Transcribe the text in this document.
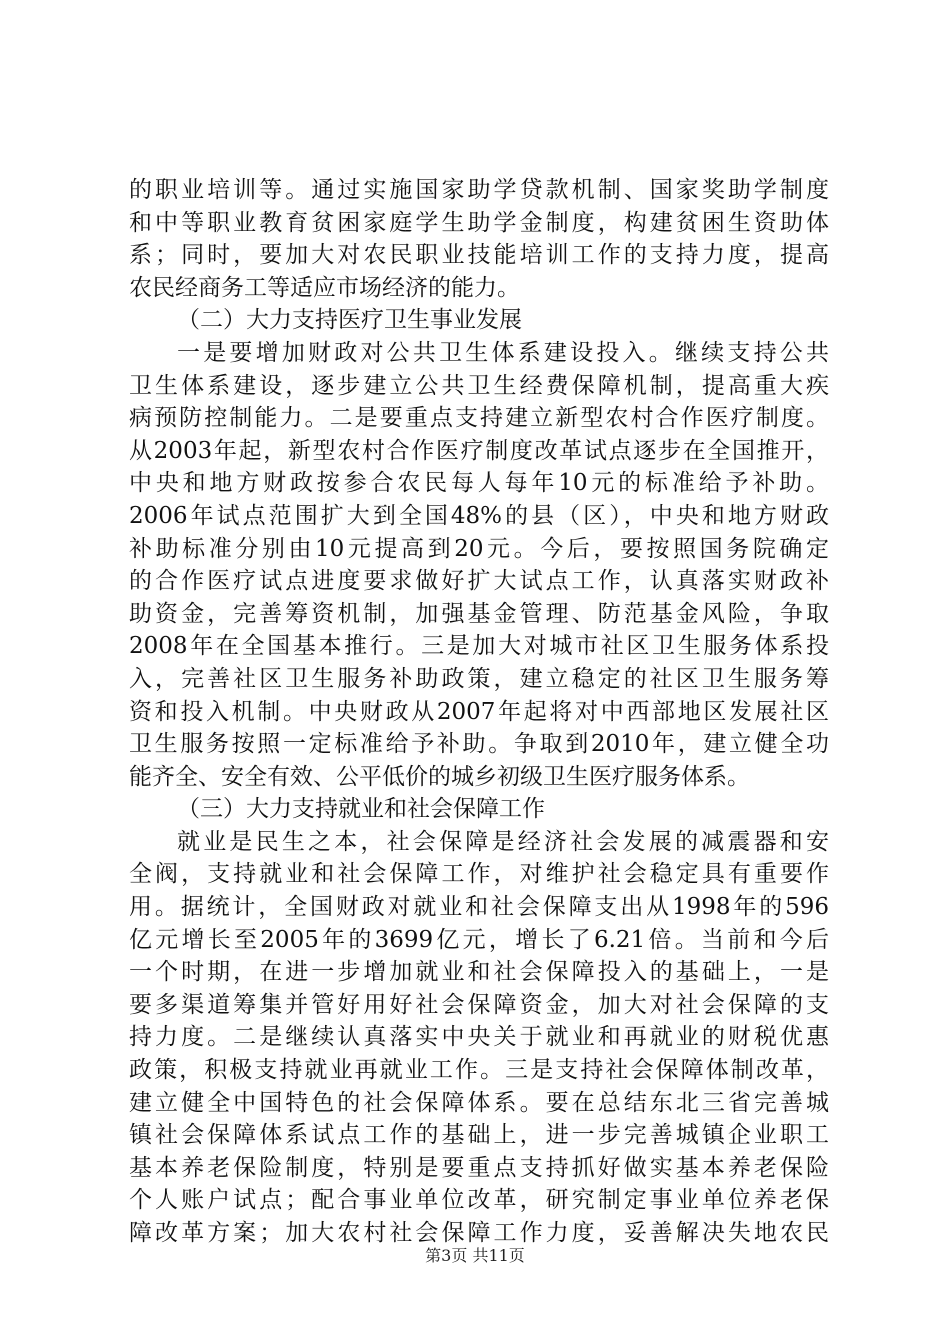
的职业培训等。通过实施国家助学贷款机制、国家奖助学制度
和中等职业教育贫困家庭学生助学金制度，构建贫困生资助体
系；同时，要加大对农民职业技能培训工作的支持力度，提高
农民经商务工等适应市场经济的能力。
（二）大力支持医疗卫生事业发展
一是要增加财政对公共卫生体系建设投入。继续支持公共
卫生体系建设，逐步建立公共卫生经费保障机制，提高重大疾
病预防控制能力。二是要重点支持建立新型农村合作医疗制度。
从2003年起，新型农村合作医疗制度改革试点逐步在全国推开，
中央和地方财政按参合农民每人每年10元的标准给予补助。
2006年试点范围扩大到全国48%的县（区），中央和地方财政
补助标准分别由10元提高到20元。今后，要按照国务院确定
的合作医疗试点进度要求做好扩大试点工作，认真落实财政补
助资金，完善筹资机制，加强基金管理、防范基金风险，争取
2008年在全国基本推行。三是加大对城市社区卫生服务体系投
入，完善社区卫生服务补助政策，建立稳定的社区卫生服务筹
资和投入机制。中央财政从2007年起将对中西部地区发展社区
卫生服务按照一定标准给予补助。争取到2010年，建立健全功
能齐全、安全有效、公平低价的城乡初级卫生医疗服务体系。
（三）大力支持就业和社会保障工作
就业是民生之本，社会保障是经济社会发展的减震器和安
全阀，支持就业和社会保障工作，对维护社会稳定具有重要作
用。据统计，全国财政对就业和社会保障支出从1998年的596
亿元增长至2005年的3699亿元，增长了6.21倍。当前和今后
一个时期，在进一步增加就业和社会保障投入的基础上，一是
要多渠道筹集并管好用好社会保障资金，加大对社会保障的支
持力度。二是继续认真落实中央关于就业和再就业的财税优惠
政策，积极支持就业再就业工作。三是支持社会保障体制改革，
建立健全中国特色的社会保障体系。要在总结东北三省完善城
镇社会保障体系试点工作的基础上，进一步完善城镇企业职工
基本养老保险制度，特别是要重点支持抓好做实基本养老保险
个人账户试点；配合事业单位改革，研究制定事业单位养老保
障改革方案；加大农村社会保障工作力度，妥善解决失地农民
第3页 共11页
